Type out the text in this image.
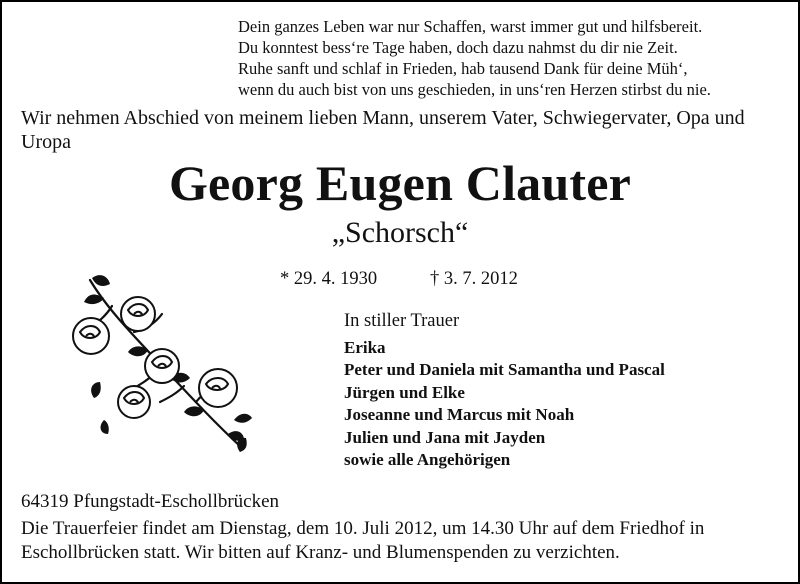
Dein ganzes Leben war nur Schaffen, warst immer gut und hilfsbereit.
Du konntest bess‘re Tage haben, doch dazu nahmst du dir nie Zeit.
Ruhe sanft und schlaf in Frieden, hab tausend Dank für deine Müh‘,
wenn du auch bist von uns geschieden, in uns‘ren Herzen stirbst du nie.
Wir nehmen Abschied von meinem lieben Mann, unserem Vater, Schwiegervater, Opa und Uropa
Georg Eugen Clauter
„Schorsch“
* 29. 4. 1930	† 3. 7. 2012
In stiller Trauer
Erika
Peter und Daniela mit Samantha und Pascal
Jürgen und Elke
Joseanne und Marcus mit Noah
Julien und Jana mit Jayden
sowie alle Angehörigen
64319 Pfungstadt-Eschollbrücken
Die Trauerfeier findet am Dienstag, dem 10. Juli 2012, um 14.30 Uhr auf dem Friedhof in Eschollbrücken statt. Wir bitten auf Kranz- und Blumenspenden zu verzichten.
